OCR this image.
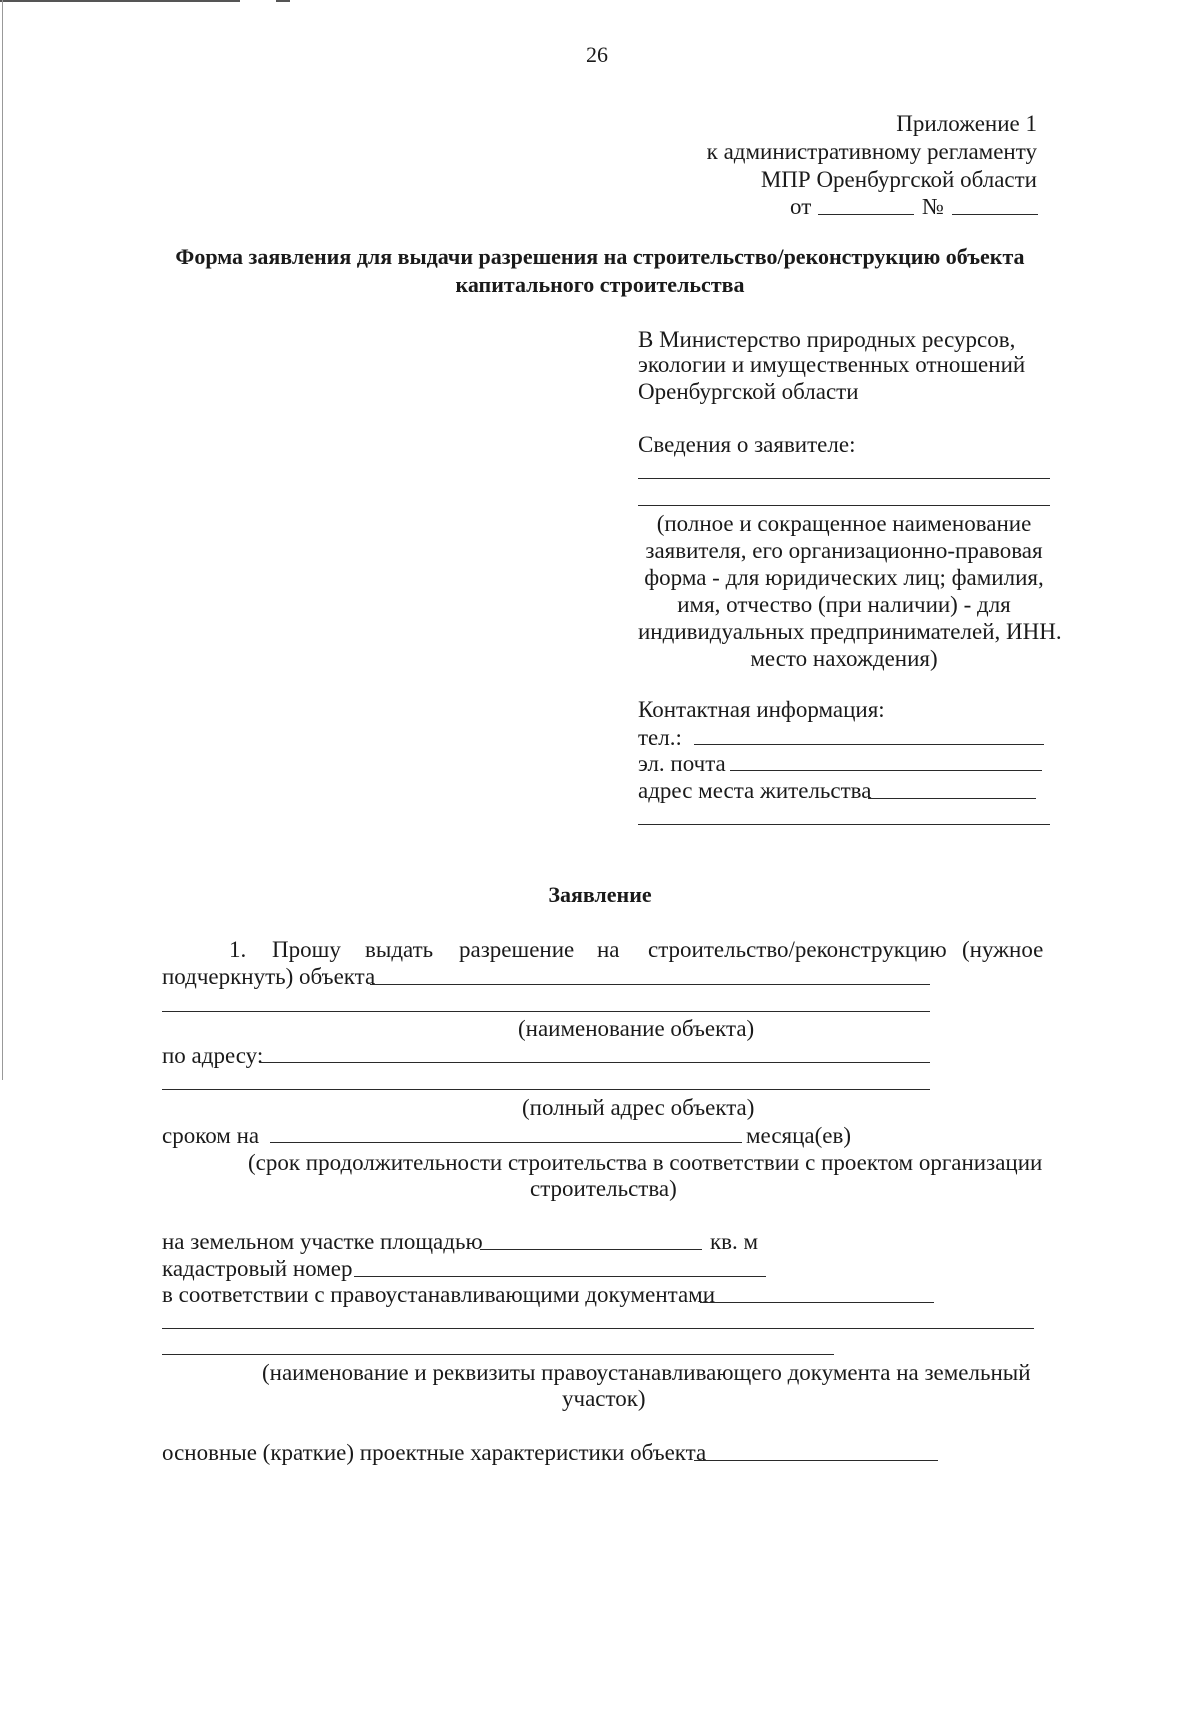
26
Приложение 1
к административному регламенту
МПР Оренбургской области
от	№
Форма заявления для выдачи разрешения на строительство/реконструкцию объекта
капитального строительства
В Министерство природных ресурсов,
экологии и имущественных отношений
Оренбургской области
Сведения о заявителе:
(полное и сокращенное наименование
заявителя, его организационно-правовая
форма - для юридических лиц; фамилия,
имя, отчество (при наличии) - для
индивидуальных предпринимателей, ИНН.
место нахождения)
Контактная информация:
тел.:
эл. почта
адрес места жительства
Заявление
1. Прошу выдать разрешение на строительство/реконструкцию (нужное
подчеркнуть) объекта
(наименование объекта)
по адресу:
(полный адрес объекта)
сроком на	месяца(ев)
(срок продолжительности строительства в соответствии с проектом организации
строительства)
на земельном участке площадью	кв. м
кадастровый номер
в соответствии с правоустанавливающими документами
(наименование и реквизиты правоустанавливающего документа на земельный
участок)
основные (краткие) проектные характеристики объекта
